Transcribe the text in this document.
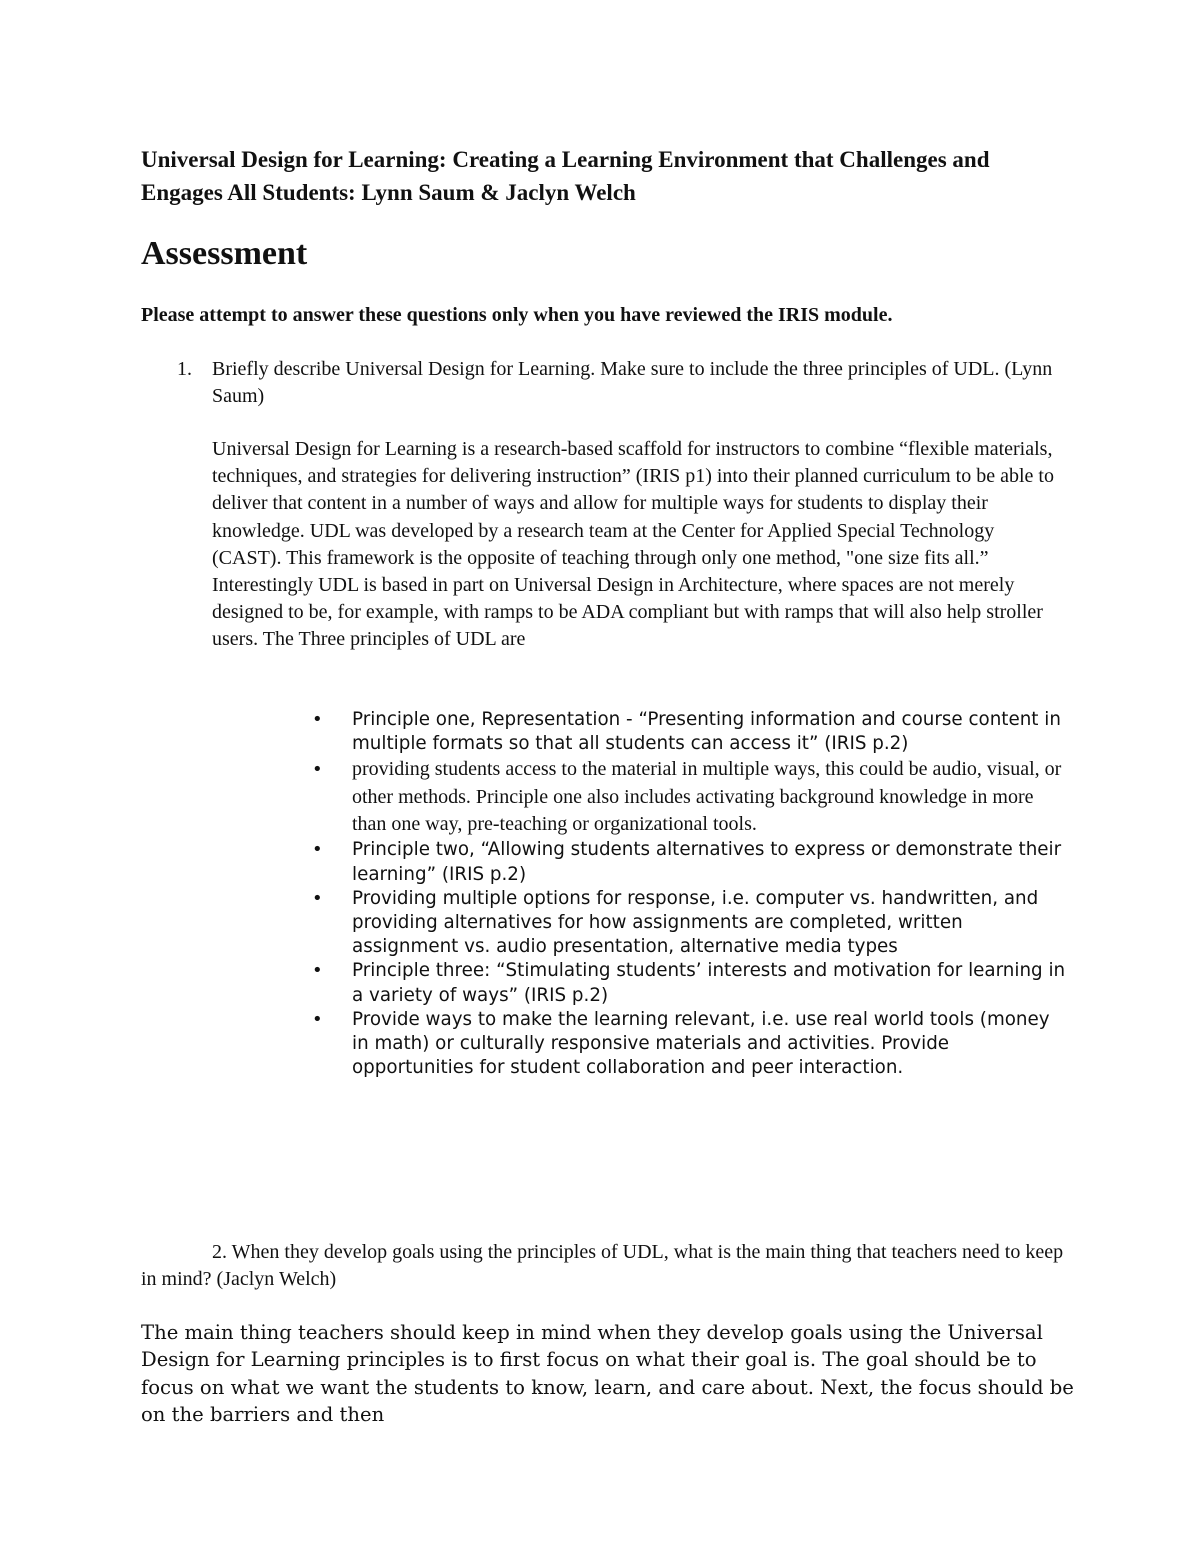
Universal Design for Learning: Creating a Learning Environment that Challenges and Engages All Students: Lynn Saum & Jaclyn Welch
Assessment

Please attempt to answer these questions only when you have reviewed the IRIS module.

1. Briefly describe Universal Design for Learning. Make sure to include the three principles of UDL. (Lynn Saum)

Universal Design for Learning is a research-based scaffold for instructors to combine “flexible materials, techniques, and strategies for delivering instruction” (IRIS p1) into their planned curriculum to be able to deliver that content in a number of ways and allow for multiple ways for students to display their knowledge. UDL was developed by a research team at the Center for Applied Special Technology (CAST). This framework is the opposite of teaching through only one method, "one size fits all.” Interestingly UDL is based in part on Universal Design in Architecture, where spaces are not merely designed to be, for example, with ramps to be ADA compliant but with ramps that will also help stroller users. The Three principles of UDL are

• Principle one, Representation - “Presenting information and course content in multiple formats so that all students can access it” (IRIS p.2)
• providing students access to the material in multiple ways, this could be audio, visual, or other methods. Principle one also includes activating background knowledge in more than one way, pre-teaching or organizational tools.
• Principle two, “Allowing students alternatives to express or demonstrate their learning” (IRIS p.2)
• Providing multiple options for response, i.e. computer vs. handwritten, and providing alternatives for how assignments are completed, written assignment vs. audio presentation, alternative media types
• Principle three: “Stimulating students’ interests and motivation for learning in a variety of ways” (IRIS p.2)
• Provide ways to make the learning relevant, i.e. use real world tools (money in math) or culturally responsive materials and activities. Provide opportunities for student collaboration and peer interaction.

2. When they develop goals using the principles of UDL, what is the main thing that teachers need to keep in mind? (Jaclyn Welch)

The main thing teachers should keep in mind when they develop goals using the Universal Design for Learning principles is to first focus on what their goal is. The goal should be to focus on what we want the students to know, learn, and care about. Next, the focus should be on the barriers and then
